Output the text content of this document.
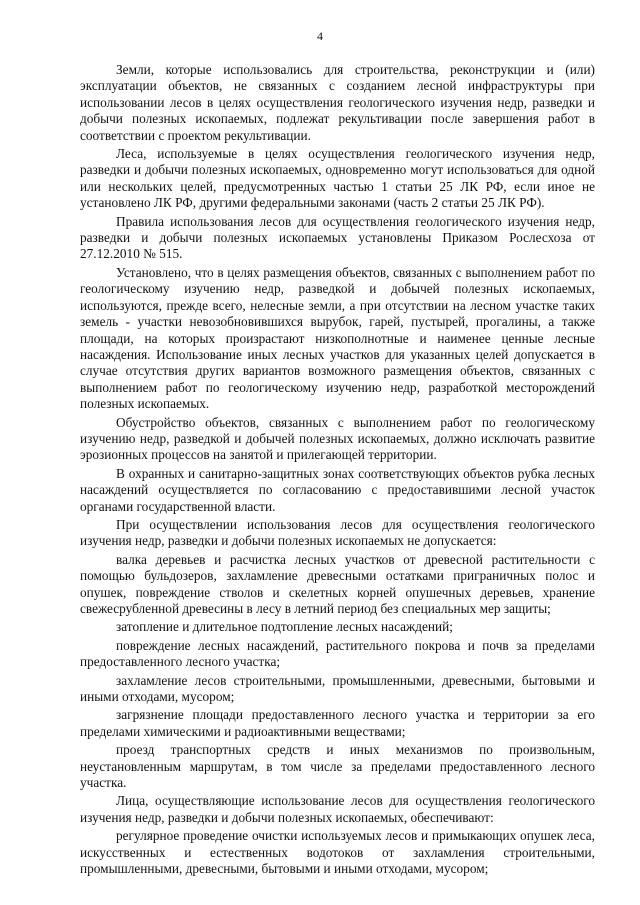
4

Земли, которые использовались для строительства, реконструкции и (или) эксплуатации объектов, не связанных с созданием лесной инфраструктуры при использовании лесов в целях осуществления геологического изучения недр, разведки и добычи полезных ископаемых, подлежат рекультивации после завершения работ в соответствии с проектом рекультивации.

Леса, используемые в целях осуществления геологического изучения недр, разведки и добычи полезных ископаемых, одновременно могут использоваться для одной или нескольких целей, предусмотренных частью 1 статьи 25 ЛК РФ, если иное не установлено ЛК РФ, другими федеральными законами (часть 2 статьи 25 ЛК РФ).

Правила использования лесов для осуществления геологического изучения недр, разведки и добычи полезных ископаемых установлены Приказом Рослесхоза от 27.12.2010 № 515.

Установлено, что в целях размещения объектов, связанных с выполнением работ по геологическому изучению недр, разведкой и добычей полезных ископаемых, используются, прежде всего, нелесные земли, а при отсутствии на лесном участке таких земель - участки невозобновившихся вырубок, гарей, пустырей, прогалины, а также площади, на которых произрастают низкополнотные и наименее ценные лесные насаждения. Использование иных лесных участков для указанных целей допускается в случае отсутствия других вариантов возможного размещения объектов, связанных с выполнением работ по геологическому изучению недр, разработкой месторождений полезных ископаемых.

Обустройство объектов, связанных с выполнением работ по геологическому изучению недр, разведкой и добычей полезных ископаемых, должно исключать развитие эрозионных процессов на занятой и прилегающей территории.

В охранных и санитарно-защитных зонах соответствующих объектов рубка лесных насаждений осуществляется по согласованию с предоставившими лесной участок органами государственной власти.

При осуществлении использования лесов для осуществления геологического изучения недр, разведки и добычи полезных ископаемых не допускается:

валка деревьев и расчистка лесных участков от древесной растительности с помощью бульдозеров, захламление древесными остатками приграничных полос и опушек, повреждение стволов и скелетных корней опушечных деревьев, хранение свежесрубленной древесины в лесу в летний период без специальных мер защиты;

затопление и длительное подтопление лесных насаждений;

повреждение лесных насаждений, растительного покрова и почв за пределами предоставленного лесного участка;

захламление лесов строительными, промышленными, древесными, бытовыми и иными отходами, мусором;

загрязнение площади предоставленного лесного участка и территории за его пределами химическими и радиоактивными веществами;

проезд транспортных средств и иных механизмов по произвольным, неустановленным маршрутам, в том числе за пределами предоставленного лесного участка.

Лица, осуществляющие использование лесов для осуществления геологического изучения недр, разведки и добычи полезных ископаемых, обеспечивают:

регулярное проведение очистки используемых лесов и примыкающих опушек леса, искусственных и естественных водотоков от захламления строительными, промышленными, древесными, бытовыми и иными отходами, мусором;
